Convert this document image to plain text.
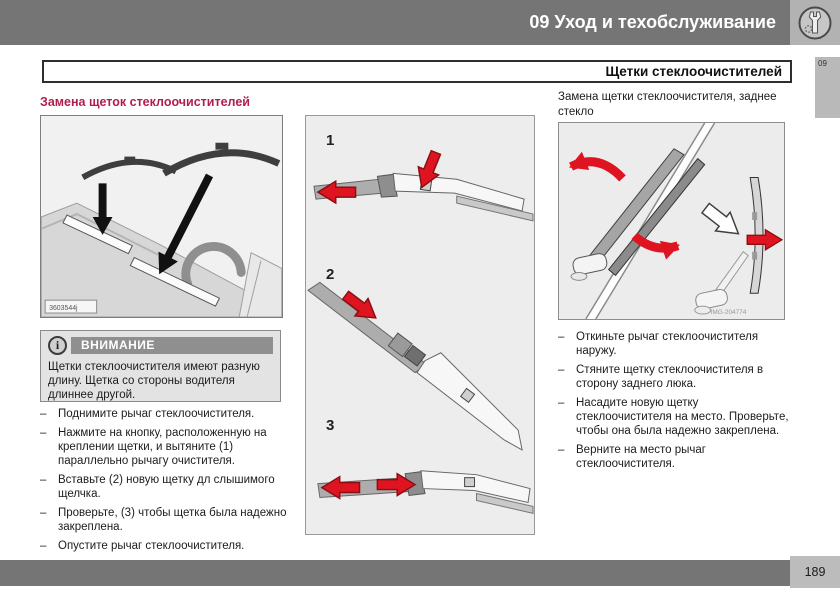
09 Уход и техобслуживание
Щетки стеклоочистителей
09
Замена щеток стеклоочистителей
3603544j
i	ВНИМАНИЕ
Щетки стеклоочистителя имеют разную длину. Щетка со стороны водителя длиннее другой.
–	Поднимите рычаг стеклоочистителя.
–	Нажмите на кнопку, расположенную на креплении щетки, и вытяните (1) параллельно рычагу очистителя.
–	Вставьте (2) новую щетку дл слышимого щелчка.
–	Проверьте, (3) чтобы щетка была надежно закреплена.
–	Опустите рычаг стеклоочистителя.
1
2
3
Замена щетки стеклоочистителя, заднее стекло
IMG-204774
–	Откиньте рычаг стеклоочистителя наружу.
–	Стяните щетку стеклоочистителя в сторону заднего люка.
–	Насадите новую щетку стеклоочистителя на место. Проверьте, чтобы она была надежно закреплена.
–	Верните на место рычаг стеклоочистителя.
189
